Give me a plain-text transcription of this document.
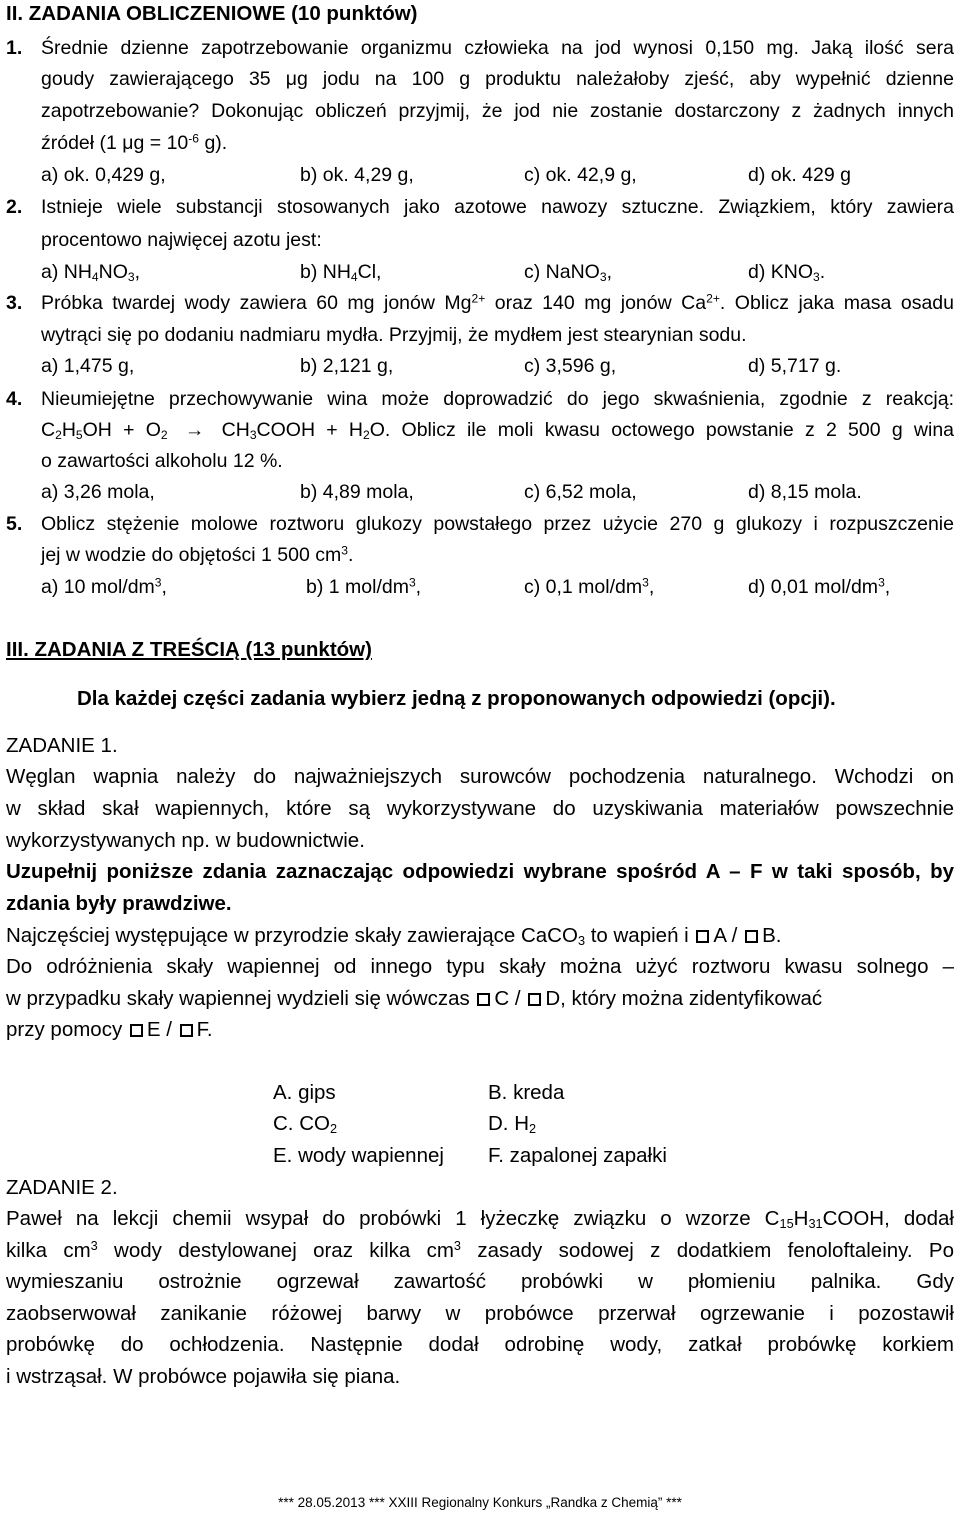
II. ZADANIA OBLICZENIOWE (10 punktów)
1. Średnie dzienne zapotrzebowanie organizmu człowieka na jod wynosi 0,150 mg. Jaką ilość sera
goudy zawierającego 35 μg jodu na 100 g produktu należałoby zjeść, aby wypełnić dzienne
zapotrzebowanie? Dokonując obliczeń przyjmij, że jod nie zostanie dostarczony z żadnych innych
źródeł (1 $\mu g = 10^{-6}$ g).
a) ok. 0,429 g,	b) ok. 4,29 g,	c) ok. 42,9 g,	d) ok. 429 g
2. Istnieje wiele substancji stosowanych jako azotowe nawozy sztuczne. Związkiem, który zawiera
procentowo najwięcej azotu jest:
a) $NH_4NO_3$,	b) $NH_4Cl$,	c) NaNO$_3$,	d) $KNO_3$.
3. Próbka twardej wody zawiera 60 mg jonów $Mg^{2+}$ oraz 140 mg jonów $Ca^{2+}$. Oblicz jaka masa osadu
wytrąci się po dodaniu nadmiaru mydła. Przyjmij, że mydłem jest stearynian sodu.
a) 1,475 g,	b) 2,121 g,	c) 3,596 g,	d) 5,717 g.
4. Nieumiejętne przechowywanie wina może doprowadzić do jego skwaśnienia, zgodnie z reakcją:
$C_2H_5OH + O_2$ → $CH_3COOH + H_2O$. Oblicz ile moli kwasu octowego powstanie z 2 500 g wina
o zawartości alkoholu 12 %.
a) 3,26 mola,	b) 4,89 mola,	c) 6,52 mola,	d) 8,15 mola.
5. Oblicz stężenie molowe roztworu glukozy powstałego przez użycie 270 g glukozy i rozpuszczenie
jej w wodzie do objętości 1 500 $cm^3$.
a) 10 mol/$dm^3$,	b) 1 mol/$dm^3$,	c) 0,1 mol/$dm^3$,	d) 0,01 mol/$dm^3$,
III. ZADANIA Z TREŚCIĄ (13 punktów)
Dla każdej części zadania wybierz jedną z proponowanych odpowiedzi (opcji).
ZADANIE 1.
Węglan wapnia należy do najważniejszych surowców pochodzenia naturalnego. Wchodzi on
w skład skał wapiennych, które są wykorzystywane do uzyskiwania materiałów powszechnie
wykorzystywanych np. w budownictwie.
Uzupełnij poniższe zdania zaznaczając odpowiedzi wybrane spośród A – F w taki sposób, by
zdania były prawdziwe.
Najczęściej występujące w przyrodzie skały zawierające CaCO$_3$ to wapień i A / B.
Do odróżnienia skały wapiennej od innego typu skały można użyć roztworu kwasu solnego –
w przypadku skały wapiennej wydzieli się wówczas C / D, który można zidentyfikować
przy pomocy E / F.
A. gips	B. kreda
C. $CO_2$	D. $H_2$
E. wody wapiennej F. zapalonej zapałki
ZADANIE 2.
Paweł na lekcji chemii wsypał do probówki 1 łyżeczkę związku o wzorze $C_{15}H_{31}COOH$, dodał
kilka $cm^3$ wody destylowanej oraz kilka $cm^3$ zasady sodowej z dodatkiem fenoloftaleiny. Po
wymieszaniu ostrożnie ogrzewał zawartość probówki w płomieniu palnika. Gdy
zaobserwował zanikanie różowej barwy w probówce przerwał ogrzewanie i pozostawił
probówkę do ochłodzenia. Następnie dodał odrobinę wody, zatkał probówkę korkiem
i wstrząsał. W probówce pojawiła się piana.
*** 28.05.2013 *** XXIII Regionalny Konkurs „Randka z Chemią” ***
